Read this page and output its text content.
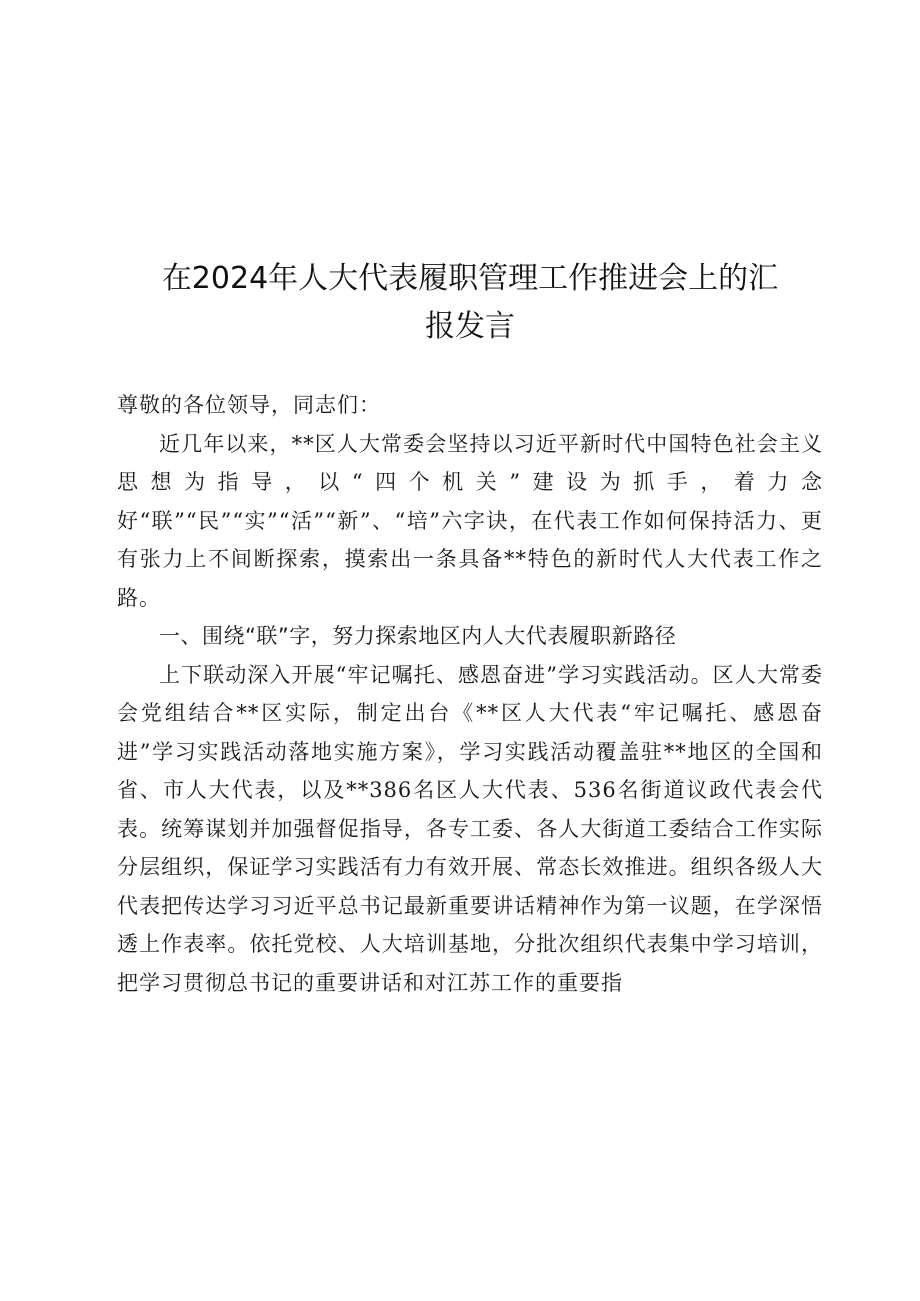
在2024年人大代表履职管理工作推进会上的汇
报发言

尊敬的各位领导，同志们：

近几年以来，**区人大常委会坚持以习近平新时代中国特色社会主义思想为指导，以“四个机关”建设为抓手，着力念好“联”“民”“实”“活”“新”、“培”六字诀，在代表工作如何保持活力、更有张力上不间断探索，摸索出一条具备**特色的新时代人大代表工作之路。

一、围绕“联”字，努力探索地区内人大代表履职新路径

上下联动深入开展“牢记嘱托、感恩奋进”学习实践活动。区人大常委会党组结合**区实际，制定出台《**区人大代表“牢记嘱托、感恩奋进”学习实践活动落地实施方案》，学习实践活动覆盖驻**地区的全国和省、市人大代表，以及**386名区人大代表、536名街道议政代表会代表。统筹谋划并加强督促指导，各专工委、各人大街道工委结合工作实际分层组织，保证学习实践活有力有效开展、常态长效推进。组织各级人大代表把传达学习习近平总书记最新重要讲话精神作为第一议题，在学深悟透上作表率。依托党校、人大培训基地，分批次组织代表集中学习培训，把学习贯彻总书记的重要讲话和对江苏工作的重要指
